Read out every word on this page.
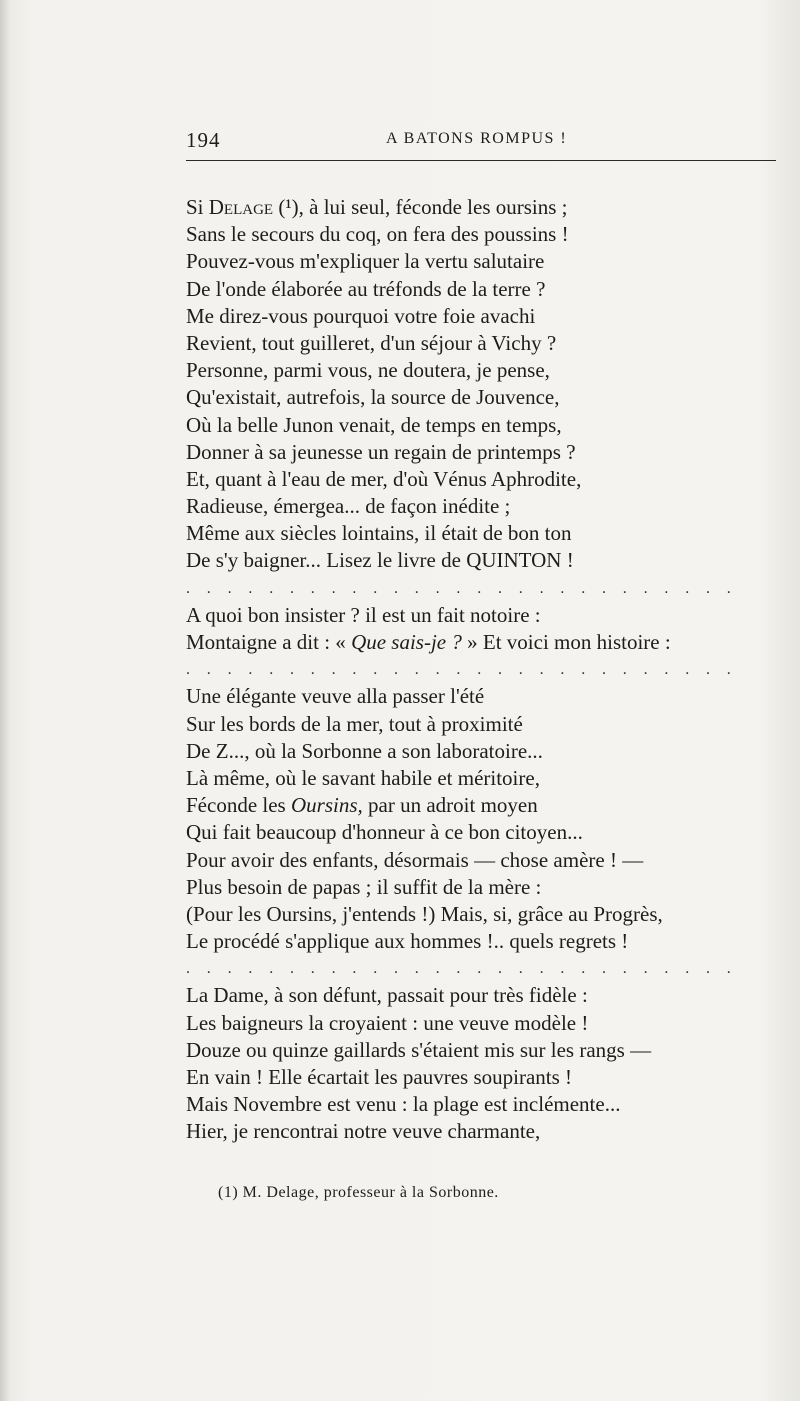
194	A BATONS ROMPUS !
Si Delage (¹), à lui seul, féconde les oursins ;
Sans le secours du coq, on fera des poussins !
Pouvez-vous m'expliquer la vertu salutaire
De l'onde élaborée au tréfonds de la terre ?
Me direz-vous pourquoi votre foie avachi
Revient, tout guilleret, d'un séjour à Vichy ?
Personne, parmi vous, ne doutera, je pense,
Qu'existait, autrefois, la source de Jouvence,
Où la belle Junon venait, de temps en temps,
Donner à sa jeunesse un regain de printemps ?
Et, quant à l'eau de mer, d'où Vénus Aphrodite,
Radieuse, émergea... de façon inédite ;
Même aux siècles lointains, il était de bon ton
De s'y baigner... Lisez le livre de QUINTON !
. . . . . . . . . . . . . . . . . . . . . . . . . . .
A quoi bon insister ? il est un fait notoire :
Montaigne a dit : « Que sais-je ? » Et voici mon histoire :
. . . . . . . . . . . . . . . . . . . . . . . . . . .
Une élégante veuve alla passer l'été
Sur les bords de la mer, tout à proximité
De Z..., où la Sorbonne a son laboratoire...
Là même, où le savant habile et méritoire,
Féconde les Oursins, par un adroit moyen
Qui fait beaucoup d'honneur à ce bon citoyen...
Pour avoir des enfants, désormais — chose amère ! —
Plus besoin de papas ; il suffit de la mère :
(Pour les Oursins, j'entends !) Mais, si, grâce au Progrès,
Le procédé s'applique aux hommes !.. quels regrets !
. . . . . . . . . . . . . . . . . . . . . . . . . . .
La Dame, à son défunt, passait pour très fidèle :
Les baigneurs la croyaient : une veuve modèle !
Douze ou quinze gaillards s'étaient mis sur les rangs —
En vain ! Elle écartait les pauvres soupirants !
Mais Novembre est venu : la plage est inclémente...
Hier, je rencontrai notre veuve charmante,
(1) M. Delage, professeur à la Sorbonne.
